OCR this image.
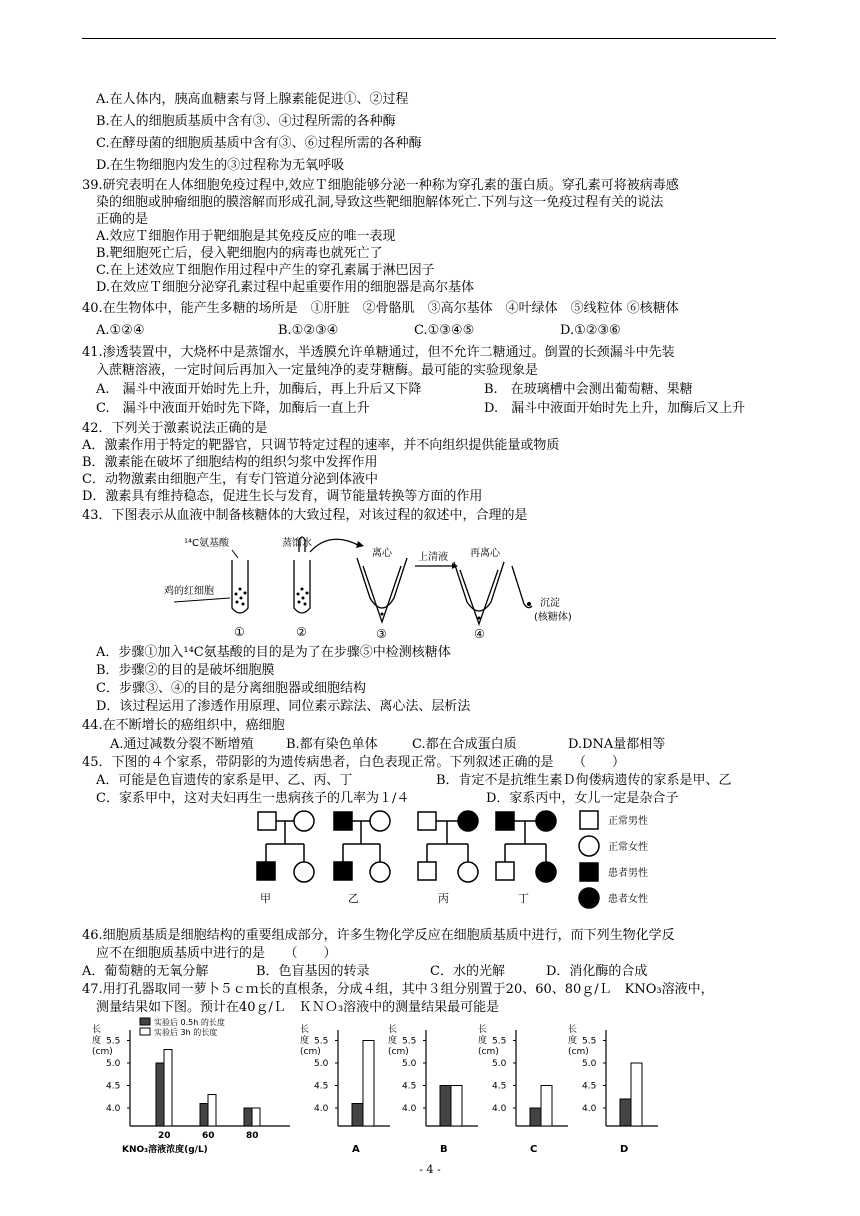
A.在人体内，胰高血糖素与肾上腺素能促进①、②过程
B.在人的细胞质基质中含有③、④过程所需的各种酶
C.在酵母菌的细胞质基质中含有③、⑥过程所需的各种酶
D.在生物细胞内发生的③过程称为无氧呼吸
39.研究表明在人体细胞免疫过程中,效应Ｔ细胞能够分泌一种称为穿孔素的蛋白质。穿孔素可将被病毒感
染的细胞或肿瘤细胞的膜溶解而形成孔洞,导致这些靶细胞解体死亡.下列与这一免疫过程有关的说法
正确的是
A.效应Ｔ细胞作用于靶细胞是其免疫反应的唯一表现
B.靶细胞死亡后，侵入靶细胞内的病毒也就死亡了
C.在上述效应Ｔ细胞作用过程中产生的穿孔素属于淋巴因子
D.在效应Ｔ细胞分泌穿孔素过程中起重要作用的细胞器是高尔基体
40.在生物体中，能产生多糖的场所是　①肝脏　②骨骼肌　③高尔基体　④叶绿体　⑤线粒体 ⑥核糖体
A.①②④	B.①②③④	C.①③④⑤	D.①②③⑥
41.渗透装置中，大烧杯中是蒸馏水，半透膜允许单糖通过，但不允许二糖通过。倒置的长颈漏斗中先装
入蔗糖溶液，一定时间后再加入一定量纯净的麦芽糖酶。最可能的实验现象是
A.　漏斗中液面开始时先上升，加酶后，再上升后又下降	B.　在玻璃槽中会测出葡萄糖、果糖
C.　漏斗中液面开始时先下降，加酶后一直上升	D.　漏斗中液面开始时先上升，加酶后又上升
42．下列关于激素说法正确的是
A．激素作用于特定的靶器官，只调节特定过程的速率，并不向组织提供能量或物质
B．激素能在破坏了细胞结构的组织匀浆中发挥作用
C．动物激素由细胞产生，有专门管道分泌到体液中
D．激素具有维持稳态，促进生长与发育，调节能量转换等方面的作用
43．下图表示从血液中制备核糖体的大致过程，对该过程的叙述中，合理的是
¹⁴C氨基酸	蒸馏水
鸡的红细胞
离心	上清液 再离心
沉淀
(核糖体)
①	②	③	④
A．步骤①加入¹⁴C氨基酸的目的是为了在步骤⑤中检测核糖体
B．步骤②的目的是破坏细胞膜
C．步骤③、④的目的是分离细胞器或细胞结构
D．该过程运用了渗透作用原理、同位素示踪法、离心法、层析法
44.在不断增长的癌组织中，癌细胞
A.通过减数分裂不断增殖 B.都有染色单体	C.都在合成蛋白质	D.DNA量都相等
45．下图的４个家系，带阴影的为遗传病患者，白色表现正常。下列叙述正确的是　　（　　）
A．可能是色盲遗传的家系是甲、乙、丙、丁	B．肯定不是抗维生素Ｄ佝偻病遗传的家系是甲、乙
C．家系甲中，这对夫妇再生一患病孩子的几率为１/４	D．家系丙中，女儿一定是杂合子
甲	乙	丙	丁
正常男性
正常女性
患者男性
患者女性
46.细胞质基质是细胞结构的重要组成部分，许多生物化学反应在细胞质基质中进行，而下列生物化学反
应不在细胞质基质中进行的是　　（　　）
A．葡萄糖的无氧分解	B．色盲基因的转录	C．水的光解	D．消化酶的合成
47.用打孔器取同一萝卜５ｃｍ长的直根条，分成４组，其中３组分别置于20、60、80ｇ/Ｌ　KNO₃溶液中，
测量结果如下图。预计在40ｇ/Ｌ　ＫＮＯ₃溶液中的测量结果最可能是
长
度
(cm)
5.5
5.0
4.5
4.0
20	60	80
KNO₃溶液浓度(g/L)
实验后 0.5h 的长度
实验后 3h 的长度	长
度
(cm)
5.5
5.0
4.5
4.0
A
长
度
(cm)
5.5
5.0
4.5
4.0
B
长
度
(cm)
5.5
5.0
4.5
4.0
C
长
度
(cm)
5.5
5.0
4.5
4.0
D
- 4 -
